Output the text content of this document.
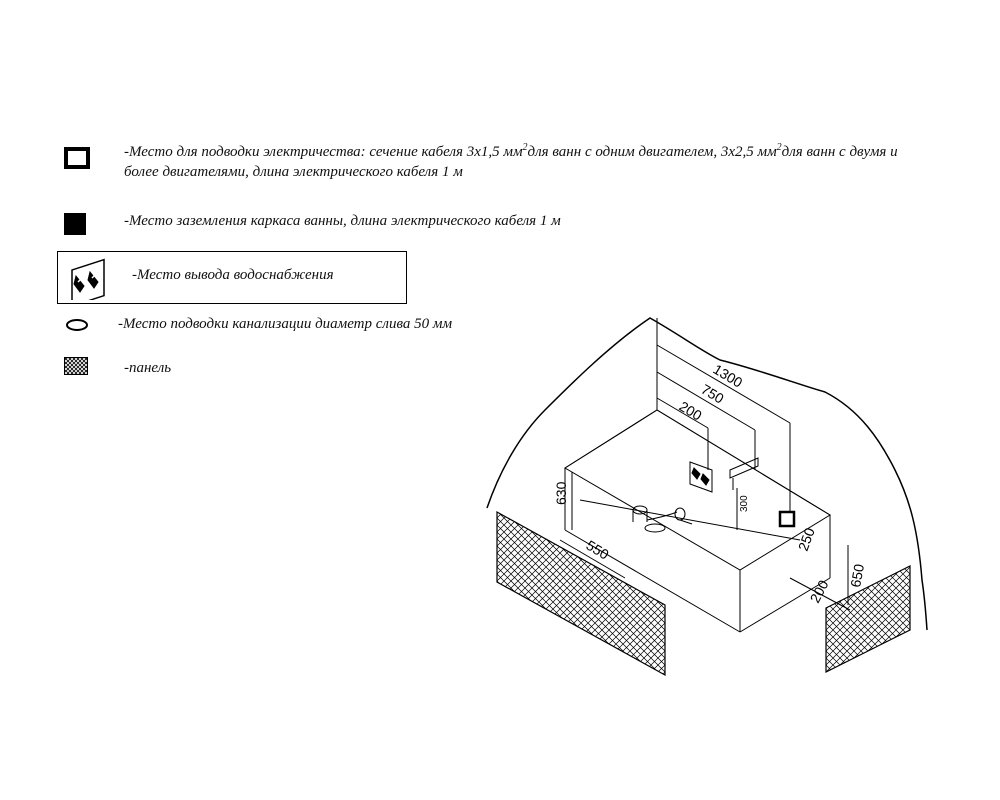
-Место для подводки электричества: сечение кабеля 3х1,5 $мм^2для$ ванн с одним двигателем, 3х2,5 $мм^2для$ ванн с двумя и
более двигателями, длина электрического кабеля 1 м
-Место заземления каркаса ванны, длина электрического кабеля 1 м
-Место вывода водоснабжения
-Место подводки канализации диаметр слива 50 мм
-панель	1300
750
200
300
250
630
550
650
200
